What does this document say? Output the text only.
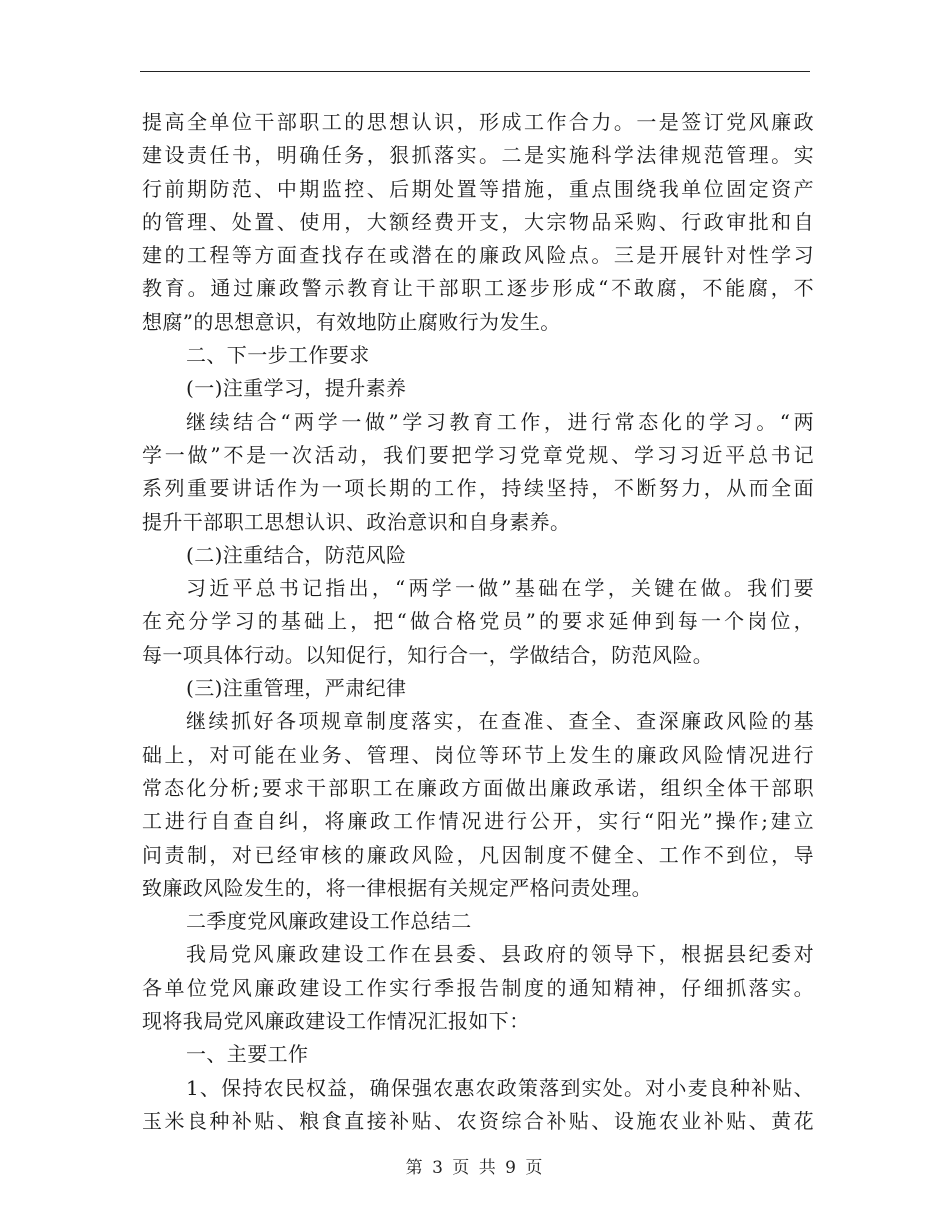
提高全单位干部职工的思想认识，形成工作合力。一是签订党风廉政
建设责任书，明确任务，狠抓落实。二是实施科学法律规范管理。实
行前期防范、中期监控、后期处置等措施，重点围绕我单位固定资产
的管理、处置、使用，大额经费开支，大宗物品采购、行政审批和自
建的工程等方面查找存在或潜在的廉政风险点。三是开展针对性学习
教育。通过廉政警示教育让干部职工逐步形成“不敢腐，不能腐，不
想腐”的思想意识，有效地防止腐败行为发生。
二、下一步工作要求
(一)注重学习，提升素养
继续结合“两学一做”学习教育工作，进行常态化的学习。“两
学一做”不是一次活动，我们要把学习党章党规、学习习近平总书记
系列重要讲话作为一项长期的工作，持续坚持，不断努力，从而全面
提升干部职工思想认识、政治意识和自身素养。
(二)注重结合，防范风险
习近平总书记指出，“两学一做”基础在学，关键在做。我们要
在充分学习的基础上，把“做合格党员”的要求延伸到每一个岗位，
每一项具体行动。以知促行，知行合一，学做结合，防范风险。
(三)注重管理，严肃纪律
继续抓好各项规章制度落实，在查准、查全、查深廉政风险的基
础上，对可能在业务、管理、岗位等环节上发生的廉政风险情况进行
常态化分析;要求干部职工在廉政方面做出廉政承诺，组织全体干部职
工进行自查自纠，将廉政工作情况进行公开，实行“阳光”操作;建立
问责制，对已经审核的廉政风险，凡因制度不健全、工作不到位，导
致廉政风险发生的，将一律根据有关规定严格问责处理。
二季度党风廉政建设工作总结二
我局党风廉政建设工作在县委、县政府的领导下，根据县纪委对
各单位党风廉政建设工作实行季报告制度的通知精神，仔细抓落实。
现将我局党风廉政建设工作情况汇报如下：
一、主要工作
1、保持农民权益，确保强农惠农政策落到实处。对小麦良种补贴、
玉米良种补贴、粮食直接补贴、农资综合补贴、设施农业补贴、黄花
第 3 页 共 9 页
